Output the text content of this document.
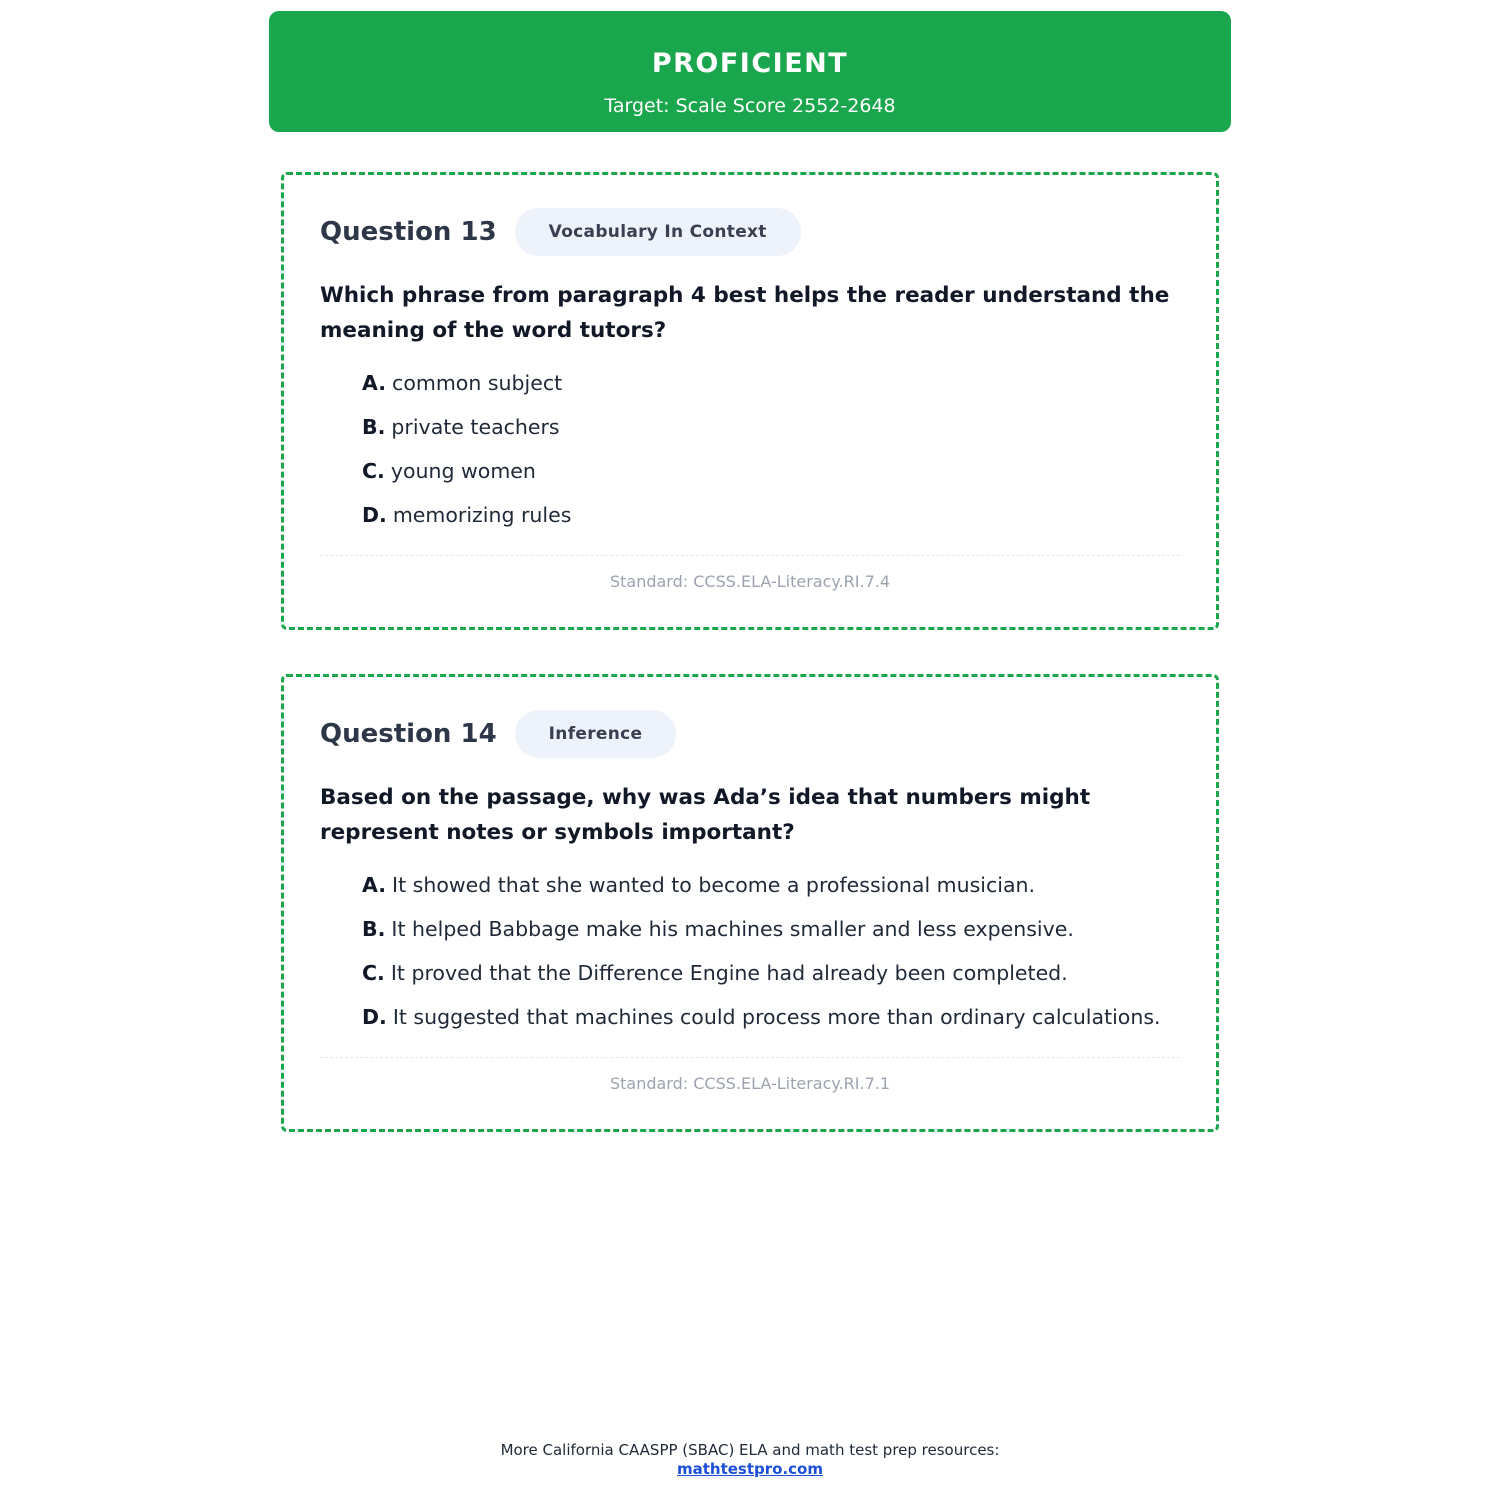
PROFICIENT
Target: Scale Score 2552-2648
Question 13	Vocabulary In Context
Which phrase from paragraph 4 best helps the reader understand the meaning of the word tutors?
A. common subject
B. private teachers
C. young women
D. memorizing rules
Standard: CCSS.ELA-Literacy.RI.7.4
Question 14	Inference
Based on the passage, why was Ada’s idea that numbers might represent notes or symbols important?
A. It showed that she wanted to become a professional musician.
B. It helped Babbage make his machines smaller and less expensive.
C. It proved that the Difference Engine had already been completed.
D. It suggested that machines could process more than ordinary calculations.
Standard: CCSS.ELA-Literacy.RI.7.1
More California CAASPP (SBAC) ELA and math test prep resources:
mathtestpro.com
